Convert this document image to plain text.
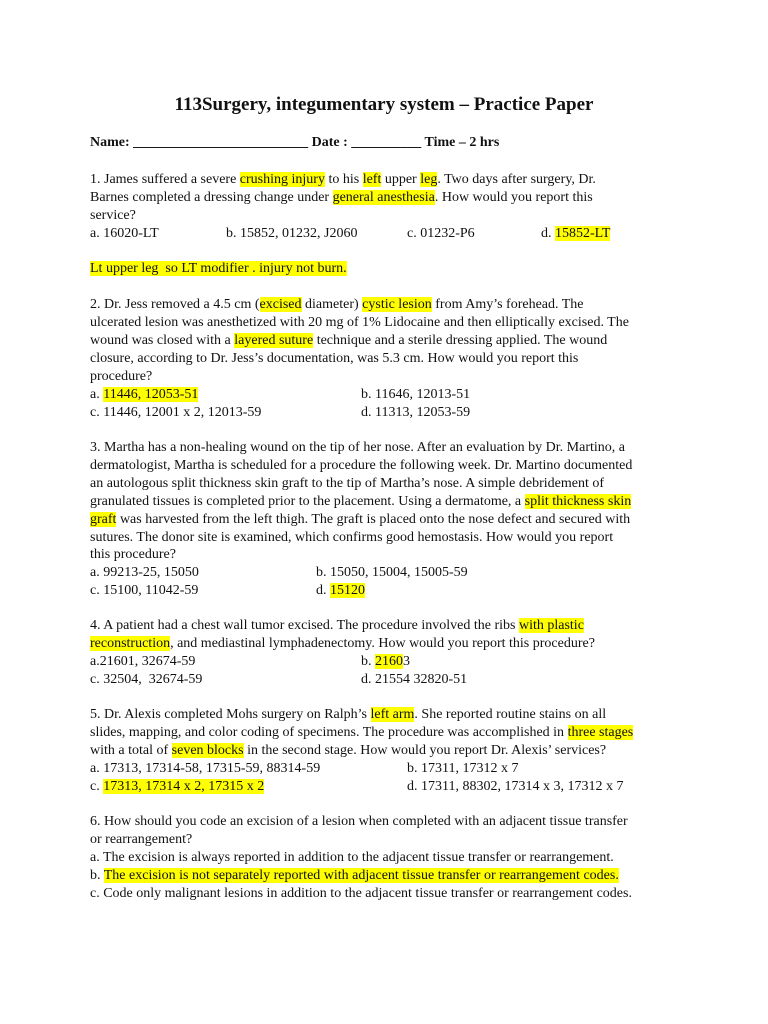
113Surgery, integumentary system – Practice Paper
Name: _________________________ Date : __________ Time – 2 hrs
1. James suffered a severe crushing injury to his left upper leg. Two days after surgery, Dr.
Barnes completed a dressing change under general anesthesia. How would you report this
service?
a. 16020-LT	b. 15852, 01232, J2060	c. 01232-P6	d. 15852-LT
Lt upper leg  so LT modifier . injury not burn.
2. Dr. Jess removed a 4.5 cm (excised diameter) cystic lesion from Amy’s forehead. The
ulcerated lesion was anesthetized with 20 mg of 1% Lidocaine and then elliptically excised. The
wound was closed with a layered suture technique and a sterile dressing applied. The wound
closure, according to Dr. Jess’s documentation, was 5.3 cm. How would you report this
procedure?
a. 11446, 12053-51	b. 11646, 12013-51
c. 11446, 12001 x 2, 12013-59	d. 11313, 12053-59
3. Martha has a non-healing wound on the tip of her nose. After an evaluation by Dr. Martino, a
dermatologist, Martha is scheduled for a procedure the following week. Dr. Martino documented
an autologous split thickness skin graft to the tip of Martha’s nose. A simple debridement of
granulated tissues is completed prior to the placement. Using a dermatome, a split thickness skin
graft was harvested from the left thigh. The graft is placed onto the nose defect and secured with
sutures. The donor site is examined, which confirms good hemostasis. How would you report
this procedure?
a. 99213-25, 15050	b. 15050, 15004, 15005-59
c. 15100, 11042-59	d. 15120
4. A patient had a chest wall tumor excised. The procedure involved the ribs with plastic
reconstruction, and mediastinal lymphadenectomy. How would you report this procedure?
a.21601, 32674-59	b. 21603
c. 32504,  32674-59	d. 21554 32820-51
5. Dr. Alexis completed Mohs surgery on Ralph’s left arm. She reported routine stains on all
slides, mapping, and color coding of specimens. The procedure was accomplished in three stages
with a total of seven blocks in the second stage. How would you report Dr. Alexis’ services?
a. 17313, 17314-58, 17315-59, 88314-59	b. 17311, 17312 x 7
c. 17313, 17314 x 2, 17315 x 2	d. 17311, 88302, 17314 x 3, 17312 x 7
6. How should you code an excision of a lesion when completed with an adjacent tissue transfer
or rearrangement?
a. The excision is always reported in addition to the adjacent tissue transfer or rearrangement.
b. The excision is not separately reported with adjacent tissue transfer or rearrangement codes.
c. Code only malignant lesions in addition to the adjacent tissue transfer or rearrangement codes.
